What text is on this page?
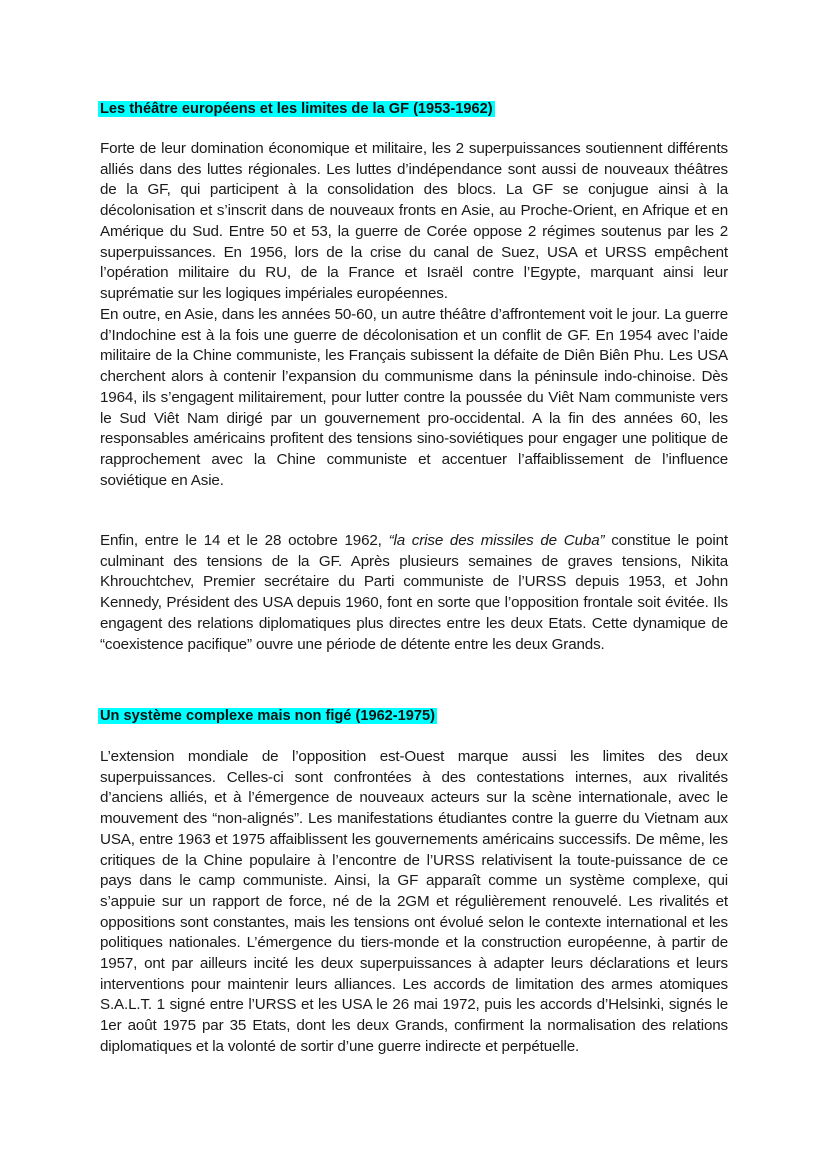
Les théâtre européens et les limites de la GF (1953-1962)

Forte de leur domination économique et militaire, les 2 superpuissances soutiennent différents alliés dans des luttes régionales. Les luttes d’indépendance sont aussi de nouveaux théâtres de la GF, qui participent à la consolidation des blocs. La GF se conjugue ainsi à la décolonisation et s’inscrit dans de nouveaux fronts en Asie, au Proche-Orient, en Afrique et en Amérique du Sud. Entre 50 et 53, la guerre de Corée oppose 2 régimes soutenus par les 2 superpuissances. En 1956, lors de la crise du canal de Suez, USA et URSS empêchent l’opération militaire du RU, de la France et Israël contre l’Egypte, marquant ainsi leur suprématie sur les logiques impériales européennes.

En outre, en Asie, dans les années 50-60, un autre théâtre d’affrontement voit le jour. La guerre d’Indochine est à la fois une guerre de décolonisation et un conflit de GF. En 1954 avec l’aide militaire de la Chine communiste, les Français subissent la défaite de Diên Biên Phu. Les USA cherchent alors à contenir l’expansion du communisme dans la péninsule indo-chinoise. Dès 1964, ils s’engagent militairement, pour lutter contre la poussée du Viêt Nam communiste vers le Sud Viêt Nam dirigé par un gouvernement pro-occidental. A la fin des années 60, les responsables américains profitent des tensions sino-soviétiques pour engager une politique de rapprochement avec la Chine communiste et accentuer l’affaiblissement de l’influence soviétique en Asie.

Enfin, entre le 14 et le 28 octobre 1962, “la crise des missiles de Cuba” constitue le point culminant des tensions de la GF. Après plusieurs semaines de graves tensions, Nikita Khrouchtchev, Premier secrétaire du Parti communiste de l’URSS depuis 1953, et John Kennedy, Président des USA depuis 1960, font en sorte que l’opposition frontale soit évitée. Ils engagent des relations diplomatiques plus directes entre les deux Etats. Cette dynamique de “coexistence pacifique” ouvre une période de détente entre les deux Grands.

Un système complexe mais non figé (1962-1975)

L’extension mondiale de l’opposition est-Ouest marque aussi les limites des deux superpuissances. Celles-ci sont confrontées à des contestations internes, aux rivalités d’anciens alliés, et à l’émergence de nouveaux acteurs sur la scène internationale, avec le mouvement des “non-alignés”. Les manifestations étudiantes contre la guerre du Vietnam aux USA, entre 1963 et 1975 affaiblissent les gouvernements américains successifs. De même, les critiques de la Chine populaire à l’encontre de l’URSS relativisent la toute-puissance de ce pays dans le camp communiste. Ainsi, la GF apparaît comme un système complexe, qui s’appuie sur un rapport de force, né de la 2GM et régulièrement renouvelé. Les rivalités et oppositions sont constantes, mais les tensions ont évolué selon le contexte international et les politiques nationales. L’émergence du tiers-monde et la construction européenne, à partir de 1957, ont par ailleurs incité les deux superpuissances à adapter leurs déclarations et leurs interventions pour maintenir leurs alliances. Les accords de limitation des armes atomiques S.A.L.T. 1 signé entre l’URSS et les USA le 26 mai 1972, puis les accords d’Helsinki, signés le 1er août 1975 par 35 Etats, dont les deux Grands, confirment la normalisation des relations diplomatiques et la volonté de sortir d’une guerre indirecte et perpétuelle.
